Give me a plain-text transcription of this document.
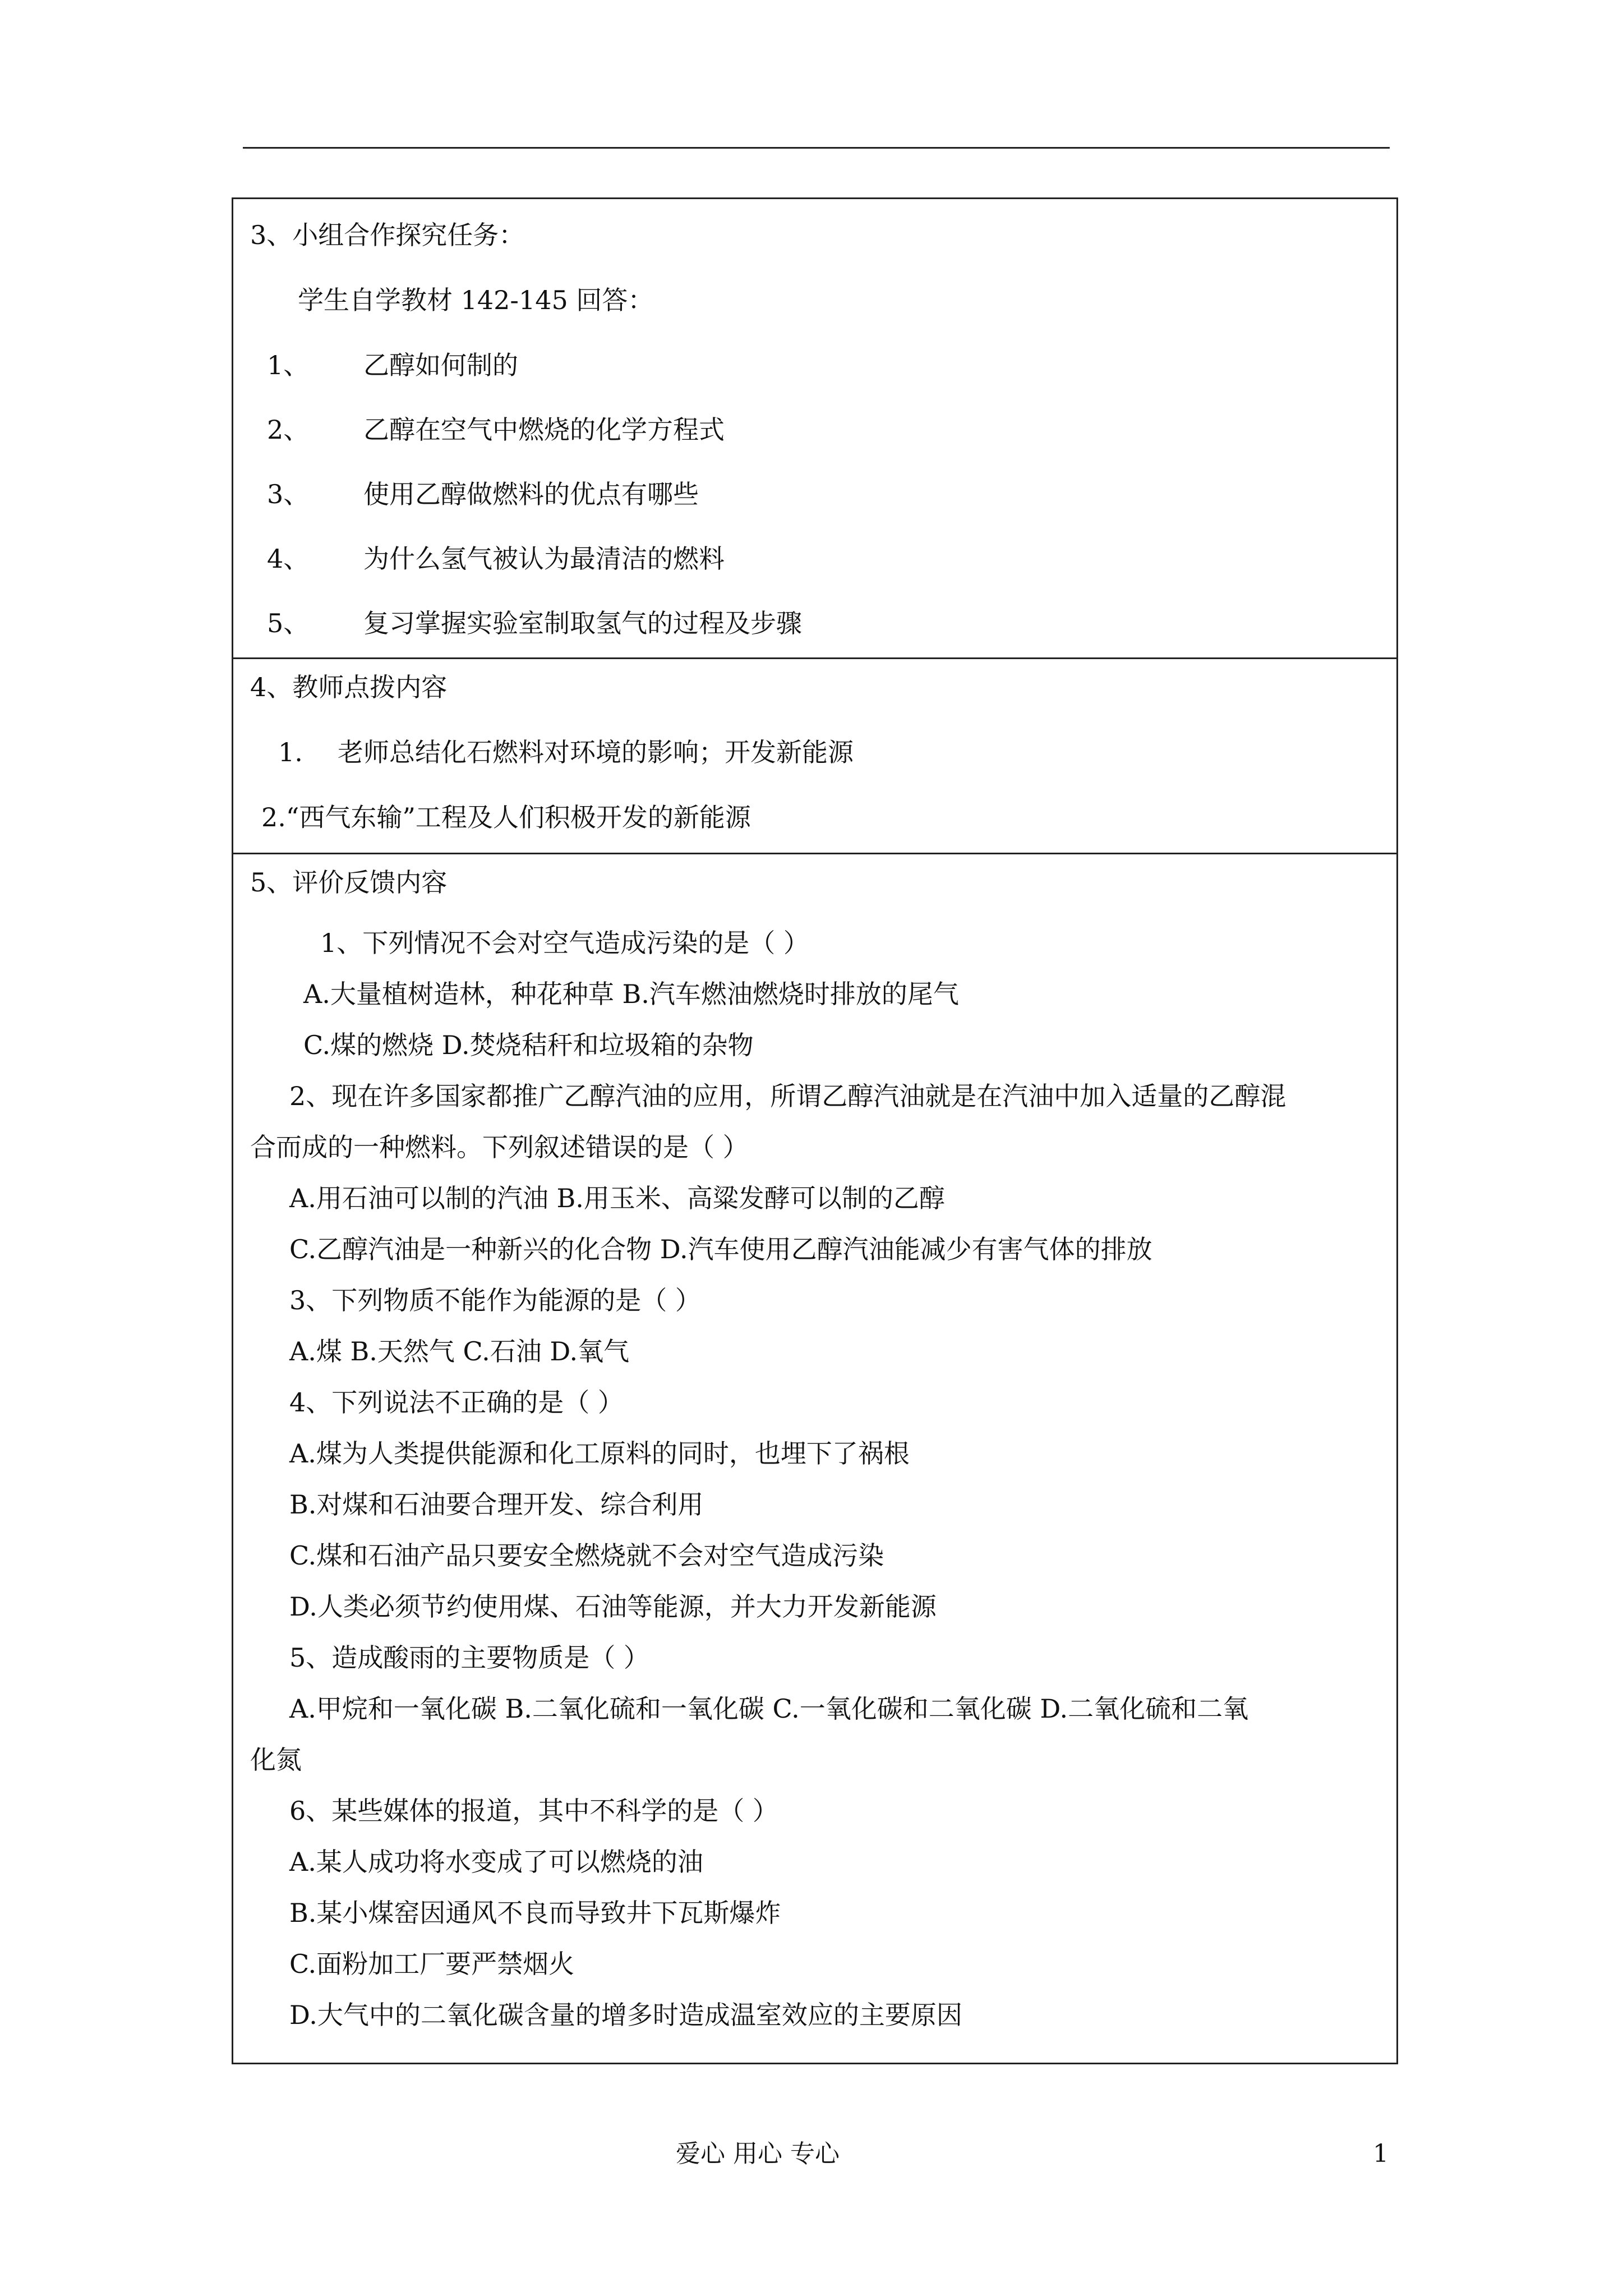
3、小组合作探究任务：
学生自学教材 142-145 回答：
1、 乙醇如何制的
2、 乙醇在空气中燃烧的化学方程式
3、 使用乙醇做燃料的优点有哪些
4、 为什么氢气被认为最清洁的燃料
5、 复习掌握实验室制取氢气的过程及步骤
4、教师点拨内容
1. 老师总结化石燃料对环境的影响；开发新能源
2.“西气东输”工程及人们积极开发的新能源
5、评价反馈内容
1、下列情况不会对空气造成污染的是（ ）
A.大量植树造林，种花种草 B.汽车燃油燃烧时排放的尾气
C.煤的燃烧 D.焚烧秸秆和垃圾箱的杂物
2、现在许多国家都推广乙醇汽油的应用，所谓乙醇汽油就是在汽油中加入适量的乙醇混
合而成的一种燃料。下列叙述错误的是（ ）
A.用石油可以制的汽油 B.用玉米、高粱发酵可以制的乙醇
C.乙醇汽油是一种新兴的化合物 D.汽车使用乙醇汽油能减少有害气体的排放
3、下列物质不能作为能源的是（ ）
A.煤 B.天然气 C.石油 D.氧气
4、下列说法不正确的是（ ）
A.煤为人类提供能源和化工原料的同时，也埋下了祸根
B.对煤和石油要合理开发、综合利用
C.煤和石油产品只要安全燃烧就不会对空气造成污染
D.人类必须节约使用煤、石油等能源，并大力开发新能源
5、造成酸雨的主要物质是（ ）
A.甲烷和一氧化碳 B.二氧化硫和一氧化碳 C.一氧化碳和二氧化碳 D.二氧化硫和二氧
化氮
6、某些媒体的报道，其中不科学的是（ ）
A.某人成功将水变成了可以燃烧的油
B.某小煤窑因通风不良而导致井下瓦斯爆炸
C.面粉加工厂要严禁烟火
D.大气中的二氧化碳含量的增多时造成温室效应的主要原因
爱心 用心 专心	1
